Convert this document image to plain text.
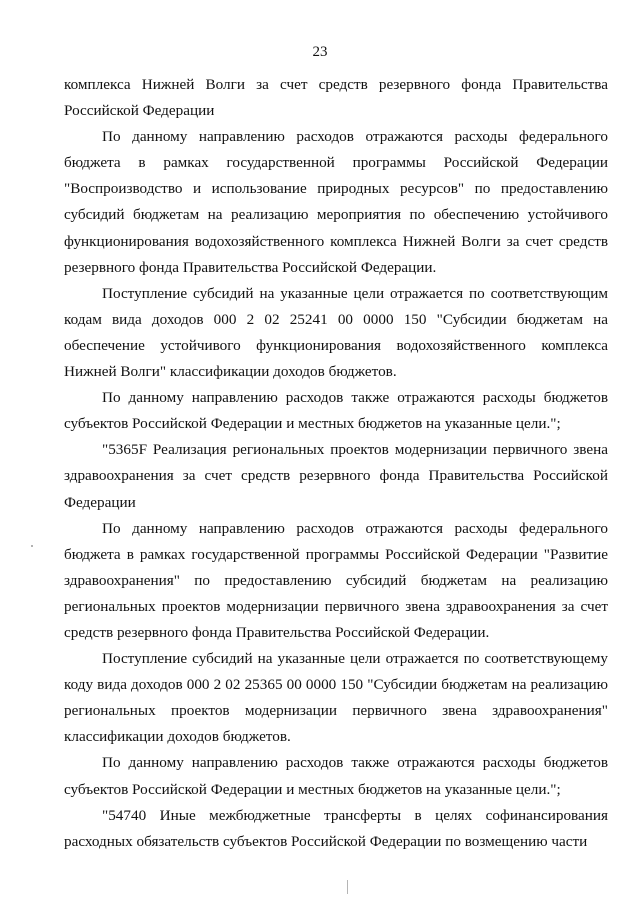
23

комплекса Нижней Волги за счет средств резервного фонда Правительства Российской Федерации

По данному направлению расходов отражаются расходы федерального бюджета в рамках государственной программы Российской Федерации "Воспроизводство и использование природных ресурсов" по предоставлению субсидий бюджетам на реализацию мероприятия по обеспечению устойчивого функционирования водохозяйственного комплекса Нижней Волги за счет средств резервного фонда Правительства Российской Федерации.

Поступление субсидий на указанные цели отражается по соответствующим кодам вида доходов 000 2 02 25241 00 0000 150 "Субсидии бюджетам на обеспечение устойчивого функционирования водохозяйственного комплекса Нижней Волги" классификации доходов бюджетов.

По данному направлению расходов также отражаются расходы бюджетов субъектов Российской Федерации и местных бюджетов на указанные цели.";

"5365F Реализация региональных проектов модернизации первичного звена здравоохранения за счет средств резервного фонда Правительства Российской Федерации

По данному направлению расходов отражаются расходы федерального бюджета в рамках государственной программы Российской Федерации "Развитие здравоохранения" по предоставлению субсидий бюджетам на реализацию региональных проектов модернизации первичного звена здравоохранения за счет средств резервного фонда Правительства Российской Федерации.

Поступление субсидий на указанные цели отражается по соответствующему коду вида доходов 000 2 02 25365 00 0000 150 "Субсидии бюджетам на реализацию региональных проектов модернизации первичного звена здравоохранения" классификации доходов бюджетов.

По данному направлению расходов также отражаются расходы бюджетов субъектов Российской Федерации и местных бюджетов на указанные цели.";

"54740 Иные межбюджетные трансферты в целях софинансирования расходных обязательств субъектов Российской Федерации по возмещению части
